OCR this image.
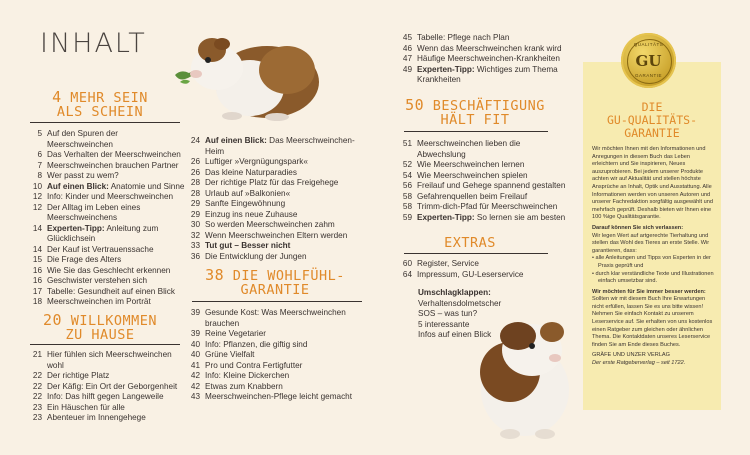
INHALT
4 MEHR SEIN
ALS SCHEIN
5 Auf den Spuren der Meerschweinchen
6 Das Verhalten der Meerschweinchen
7 Meerschweinchen brauchen Partner
8 Wer passt zu wem?
10 Auf einen Blick: Anatomie und Sinne
12 Info: Kinder und Meerschweinchen
12 Der Alltag im Leben eines
Meerschweinchens
14 Experten-Tipp: Anleitung zum
Glücklichsein
14 Der Kauf ist Vertrauenssache
15 Die Frage des Alters
16 Wie Sie das Geschlecht erkennen
16 Geschwister verstehen sich
17 Tabelle: Gesundheit auf einen Blick
18 Meerschweinchen im Porträt
20 WILLKOMMEN
ZU HAUSE
21 Hier fühlen sich Meerschweinchen wohl
22 Der richtige Platz
22 Der Käfig: Ein Ort der Geborgenheit
22 Info: Das hilft gegen Langeweile
23 Ein Häuschen für alle
23 Abenteuer im Innengehege
24 Auf einen Blick: Das Meerschweinchen-Heim
26 Luftiger »Vergnügungspark«
26 Das kleine Naturparadies
28 Der richtige Platz für das Freigehege
28 Urlaub auf »Balkonien«
29 Sanfte Eingewöhnung
29 Einzug ins neue Zuhause
30 So werden Meerschweinchen zahm
32 Wenn Meerschweinchen Eltern werden
33 Tut gut – Besser nicht
36 Die Entwicklung der Jungen
38 DIE WOHLFÜHL-
GARANTIE
39 Gesunde Kost: Was Meerschweinchen
brauchen
39 Reine Vegetarier
40 Info: Pflanzen, die giftig sind
40 Grüne Vielfalt
41 Pro und Contra Fertigfutter
42 Info: Kleine Dickerchen
42 Etwas zum Knabbern
43 Meerschweinchen-Pflege leicht gemacht
45 Tabelle: Pflege nach Plan
46 Wenn das Meerschweinchen krank wird
47 Häufige Meerschweinchen-Krankheiten
49 Experten-Tipp: Wichtiges zum Thema
Krankheiten
50 BESCHÄFTIGUNG
HÄLT FIT
51 Meerschweinchen lieben die
Abwechslung
52 Wie Meerschweinchen lernen
54 Wie Meerschweinchen spielen
56 Freilauf und Gehege spannend gestalten
58 Gefahrenquellen beim Freilauf
58 Trimm-dich-Pfad für Meerschweinchen
59 Experten-Tipp: So lernen sie am besten
EXTRAS
60 Register, Service
64 Impressum, GU-Leserservice
Umschlagklappen:
Verhaltensdolmetscher
SOS – was tun?
5 interessante
Infos auf einen Blick
QUALITÄTS
GU
GARANTIE
DIE
GU-QUALITÄTS-
GARANTIE

Wir möchten Ihnen mit den Informationen und Anregungen in diesem Buch das Leben erleichtern und Sie inspirieren, Neues auszuprobieren. Bei jedem unserer Produkte achten wir auf Aktualität und stellen höchste Ansprüche an Inhalt, Optik und Ausstattung. Alle Informationen werden von unseren Autoren und unserer Fachredaktion sorgfältig ausgewählt und mehrfach geprüft. Deshalb bieten wir Ihnen eine 100 %ige Qualitätsgarantie.

Darauf können Sie sich verlassen:

Wir legen Wert auf artgerechte Tierhaltung und stellen das Wohl des Tieres an erste Stelle. Wir garantieren, dass:

• alle Anleitungen und Tipps von Experten in der Praxis geprüft und

• durch klar verständliche Texte und Illustrationen einfach umsetzbar sind.

Wir möchten für Sie immer besser werden:

Sollten wir mit diesem Buch Ihre Erwartungen nicht erfüllen, lassen Sie es uns bitte wissen! Nehmen Sie einfach Kontakt zu unserem Leserservice auf. Sie erhalten von uns kostenlos einen Ratgeber zum gleichen oder ähnlichen Thema. Die Kontaktdaten unseres Leserservice finden Sie am Ende dieses Buches.

GRÄFE UND UNZER VERLAG

Der erste Ratgeberverlag – seit 1722.
